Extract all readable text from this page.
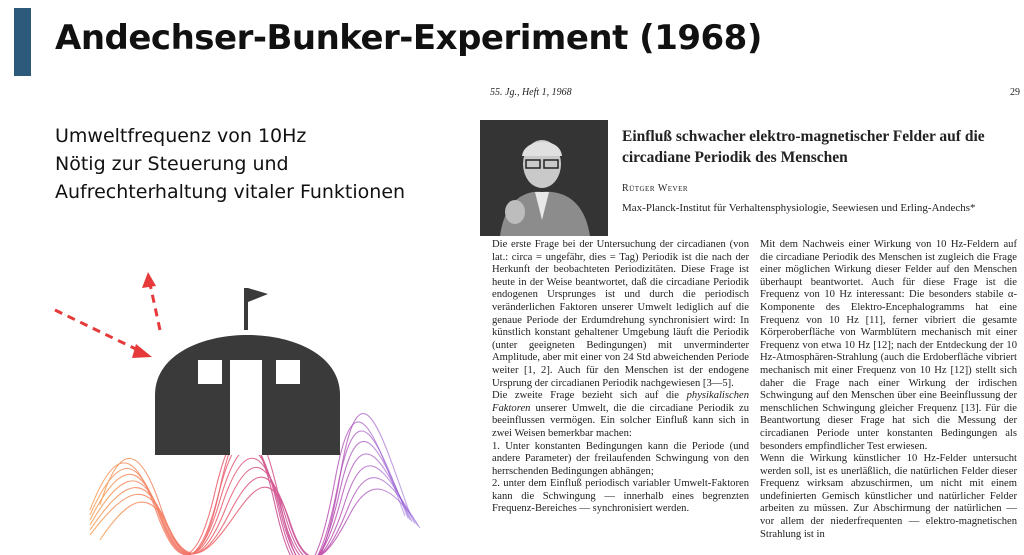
Andechser-Bunker-Experiment (1968)
Umweltfrequenz von 10Hz
Nötig zur Steuerung und
Aufrechterhaltung vitaler Funktionen
55. Jg., Heft 1, 1968	29
Einfluß schwacher elektro-magnetischer Felder auf die circadiane Periodik des Menschen
Rütger Wever
Max-Planck-Institut für Verhaltensphysiologie, Seewiesen und Erling-Andechs*

Die erste Frage bei der Untersuchung der circadianen (von lat.: circa = ungefähr, dies = Tag) Periodik ist die nach der Herkunft der beobachteten Periodizitäten. Diese Frage ist heute in der Weise beantwortet, daß die circadiane Periodik endogenen Ursprunges ist und durch die periodisch veränderlichen Faktoren unserer Umwelt lediglich auf die genaue Periode der Erdumdrehung synchronisiert wird: In künstlich konstant gehaltener Umgebung läuft die Periodik (unter geeigneten Bedingungen) mit unverminderter Amplitude, aber mit einer von 24 Std abweichenden Periode weiter [1, 2]. Auch für den Menschen ist der endogene Ursprung der circadianen Periodik nachgewiesen [3—5].

Die zweite Frage bezieht sich auf die physikalischen Faktoren unserer Umwelt, die die circadiane Periodik zu beeinflussen vermögen. Ein solcher Einfluß kann sich in zwei Weisen bemerkbar machen:

1. Unter konstanten Bedingungen kann die Periode (und andere Parameter) der freilaufenden Schwingung von den herrschenden Bedingungen abhängen;

2. unter dem Einfluß periodisch variabler Umwelt-Faktoren kann die Schwingung — innerhalb eines begrenzten Frequenz-Bereiches — synchronisiert werden.

Mit dem Nachweis einer Wirkung von 10 Hz-Feldern auf die circadiane Periodik des Menschen ist zugleich die Frage einer möglichen Wirkung dieser Felder auf den Menschen überhaupt beantwortet. Auch für diese Frage ist die Frequenz von 10 Hz interessant: Die besonders stabile α-Komponente des Elektro-Encephalogramms hat eine Frequenz von 10 Hz [11], ferner vibriert die gesamte Körperoberfläche von Warmblütern mechanisch mit einer Frequenz von etwa 10 Hz [12]; nach der Entdeckung der 10 Hz-Atmosphären-Strahlung (auch die Erdoberfläche vibriert mechanisch mit einer Frequenz von 10 Hz [12]) stellt sich daher die Frage nach einer Wirkung der irdischen Schwingung auf den Menschen über eine Beeinflussung der menschlichen Schwingung gleicher Frequenz [13]. Für die Beantwortung dieser Frage hat sich die Messung der circadianen Periode unter konstanten Bedingungen als besonders empfindlicher Test erwiesen.

Wenn die Wirkung künstlicher 10 Hz-Felder untersucht werden soll, ist es unerläßlich, die natürlichen Felder dieser Frequenz wirksam abzuschirmen, um nicht mit einem undefinierten Gemisch künstlicher und natürlicher Felder arbeiten zu müssen. Zur Abschirmung der natürlichen — vor allem der niederfrequenten — elektro-magnetischen Strahlung ist in
